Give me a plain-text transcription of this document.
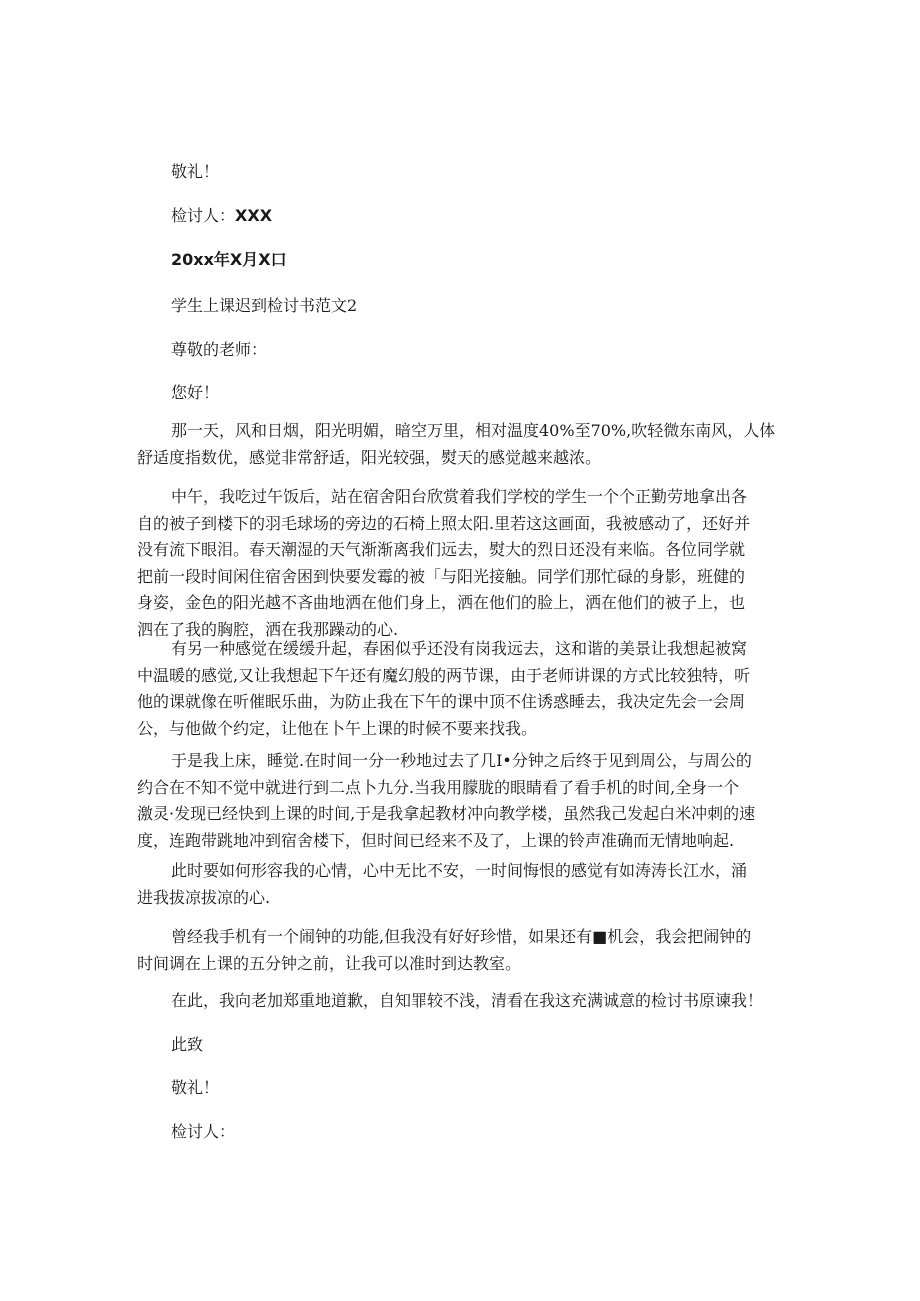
敬礼！
检讨人：XXX
20xx年X月X口
学生上课迟到检讨书范文2
尊敬的老师：
您好！
那一天，风和日烟，阳光明媚，暗空万里，相对温度40%至70%,吹轻微东南风，人体
舒适度指数优，感觉非常舒适，阳光较强，熨天的感觉越来越浓。
中午，我吃过午饭后，站在宿舍阳台欣赏着我们学校的学生一个个正勤劳地拿出各
自的被子到楼下的羽毛球场的旁边的石椅上照太阳.里若这这画面，我被感动了，还好并
没有流下眼泪。春天潮湿的天气渐渐离我们远去，熨大的烈日还没有来临。各位同学就
把前一段时间闲住宿舍困到快要发霉的被「与阳光接触。同学们那忙碌的身影，班健的
身姿，金色的阳光越不吝曲地洒在他们身上，洒在他们的脸上，洒在他们的被子上，也
泗在了我的胸腔，洒在我那躁动的心.
有另一种感觉在缓缓升起，春困似乎还没有岗我远去，这和谐的美景让我想起被窝
中温暖的感觉,又让我想起下午还有魔幻般的两节课，由于老师讲课的方式比较独特，听
他的课就像在听催眠乐曲，为防止我在下午的课中顶不住诱惑睡去，我决定先会一会周
公，与他做个约定，让他在卜午上课的时候不要来找我。
于是我上床，睡觉.在时间一分一秒地过去了几I•分钟之后终于见到周公，与周公的
约合在不知不觉中就进行到二点卜九分.当我用朦胧的眼睛看了看手机的时间,全身一个
激灵·发现已经快到上课的时间,于是我拿起教材冲向教学楼，虽然我己发起白米冲刺的速
度，连跑带跳地冲到宿舍楼下，但时间已经来不及了，上课的铃声准确而无情地响起.
此时要如何形容我的心情，心中无比不安，一时间悔恨的感觉有如涛涛长江水，涌
进我拔凉拔凉的心.
曾经我手机有一个闹钟的功能,但我没有好好珍惜，如果还有■机会，我会把闹钟的
时间调在上课的五分钟之前，让我可以准时到达教室。
在此，我向老加郑重地道歉，自知罪较不浅，清看在我这充满诚意的检讨书原谏我！
此致
敬礼！
检讨人：
